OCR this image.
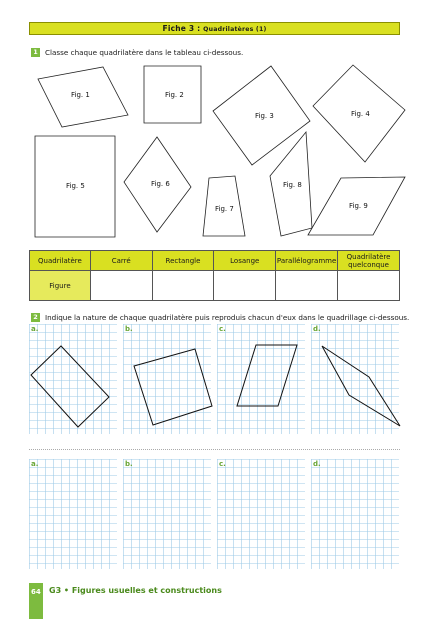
Fiche 3 : Quadrilatères (1)
1	Classe chaque quadrilatère dans le tableau ci-dessous.
Fig. 1	Fig. 2
Fig. 3	Fig. 4
Fig. 5	Fig. 6
Fig. 7
Fig. 8
Fig. 9
Quadrilatère	Carré	Rectangle	Losange	Parallélogramme	Quadrilatère quelconque
Figure					
2	Indique la nature de chaque quadrilatère puis reproduis chacun d'eux dans le quadrillage ci-dessous.
a.	b.	c.	d.
a.	b.	c.	d.
64 G3 • Figures usuelles et constructions
